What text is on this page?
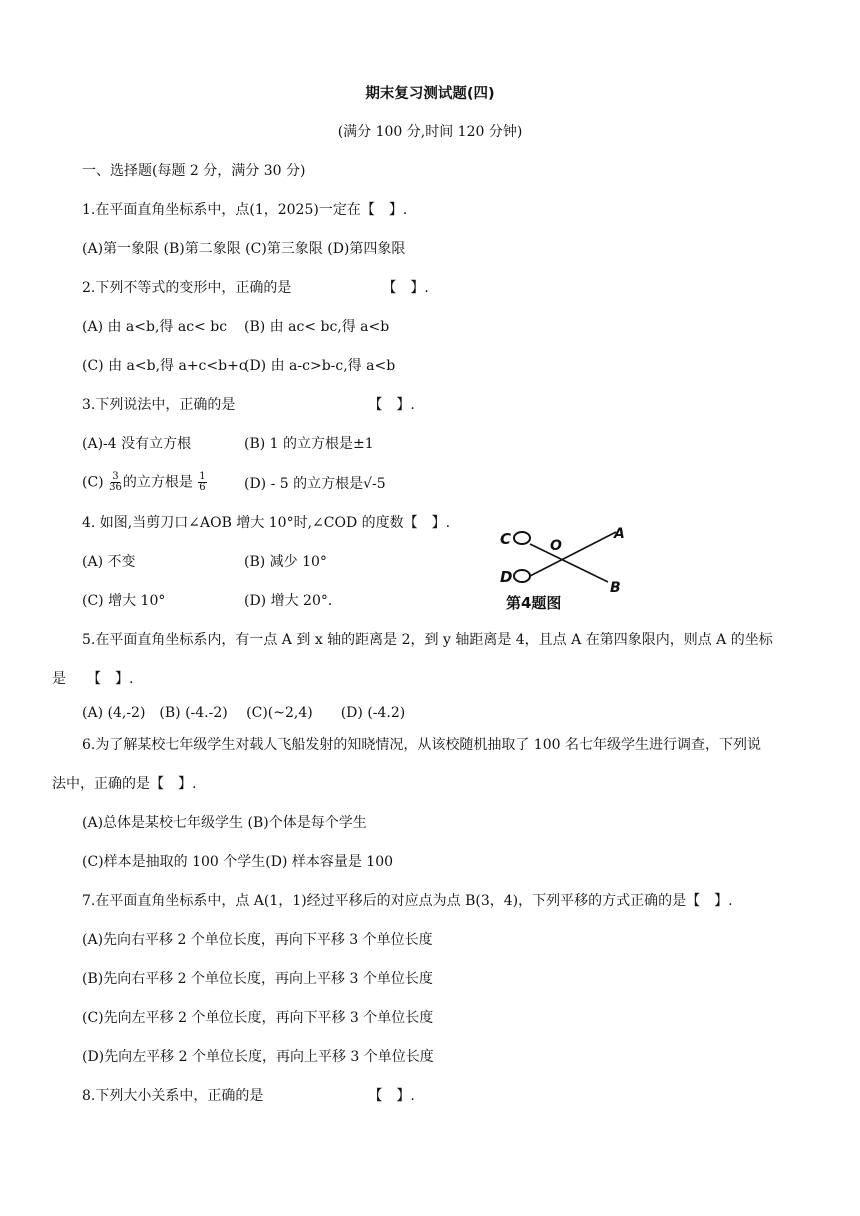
期末复习测试题(四)
(满分 100 分,时间 120 分钟)
一、选择题(每题 2 分，满分 30 分)
1.在平面直角坐标系中，点(1，2025)一定在【　】.
(A)第一象限 (B)第二象限 (C)第三象限 (D)第四象限
2.下列不等式的变形中，正确的是　　　　　　　【　】.
(A) 由 a<b,得 ac< bc (B) 由 ac< bc,得 a<b
(C) 由 a<b,得 a+c<b+c
(D) 由 a-c>b-c,得 a<b
3.下列说法中，正确的是　　　　　　　　　　【　】.
(A)-4 没有立方根	(B) 1 的立方根是±1
$(C) \frac{3}{36}$ 的立方根是 $\frac{1}{6}$	(D) - 5 的立方根是√-5
4. 如图,当剪刀口∠AOB 增大 10°时,∠COD 的度数【　】.
(A) 不变	(B) 减少 10°
(C) 增大 10°	(D) 增大 20°.
C	O
A
D
B
第4题图
5.在平面直角坐标系内，有一点 A 到 x 轴的距离是 2，到 y 轴距离是 4，且点 A 在第四象限内，则点 A 的坐标
是　　【　】.
(A) (4,-2)　(B) (-4.-2)　 (C)(~2,4)　　(D) (-4.2)
6.为了解某校七年级学生对载人飞船发射的知晓情况，从该校随机抽取了 100 名七年级学生进行调查，下列说
法中，正确的是【　】.
(A)总体是某校七年级学生 (B)个体是每个学生
(C)样本是抽取的 100 个学生(D) 样本容量是 100
7.在平面直角坐标系中，点 A(1，1)经过平移后的对应点为点 B(3，4)，下列平移的方式正确的是【　】.
(A)先向右平移 2 个单位长度，再向下平移 3 个单位长度
(B)先向右平移 2 个单位长度，再向上平移 3 个单位长度
(C)先向左平移 2 个单位长度，再向下平移 3 个单位长度
(D)先向左平移 2 个单位长度，再向上平移 3 个单位长度
8.下列大小关系中，正确的是　　　　　　　　【　】.
